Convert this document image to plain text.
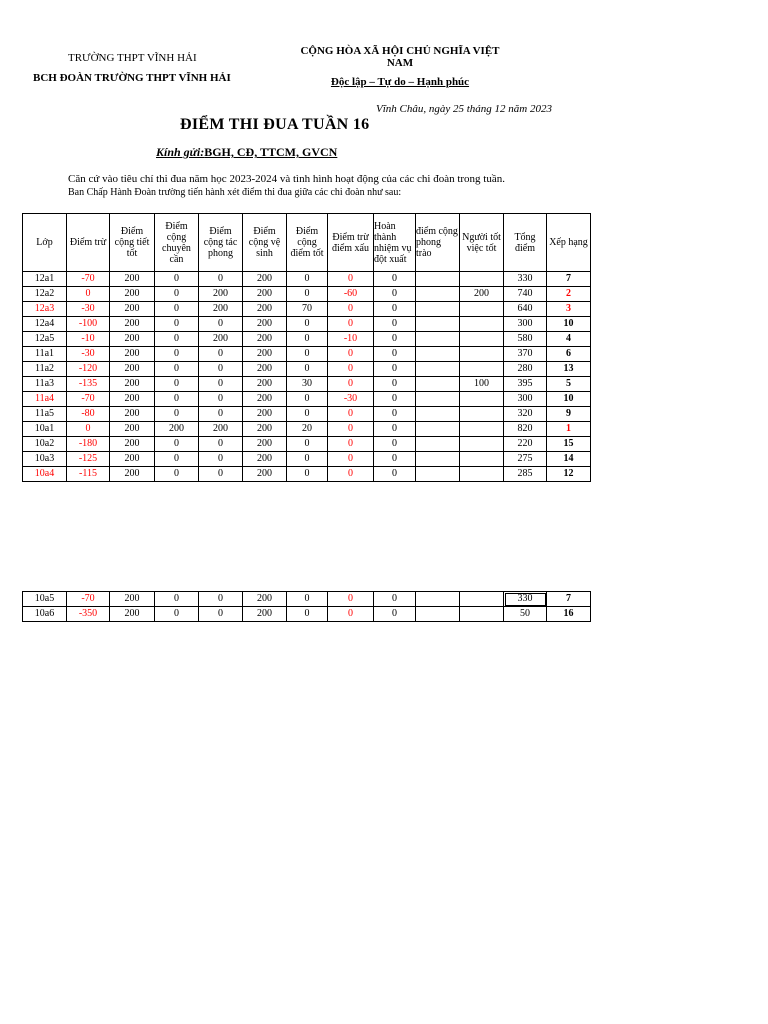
TRƯỜNG THPT VĨNH HẢI
BCH ĐOÀN TRƯỜNG THPT VĨNH HẢI
CỘNG HÒA XÃ HỘI CHỦ NGHĨA VIỆT
NAM
Độc lập – Tự do – Hạnh phúc
Vĩnh Châu, ngày 25 tháng 12 năm 2023
ĐIỂM THI ĐUA TUẦN 16
Kính gửi:BGH, CĐ, TTCM, GVCN
Căn cứ vào tiêu chí thi đua năm học 2023-2024 và tình hình hoạt động của các chi đoàn trong tuần.
Ban Chấp Hành Đoàn trường tiến hành xét điểm thi đua giữa các chi đoàn như sau:
Lớp	Điểm trừ	Điểm cộng tiết tốt	Điểm cộng chuyên cần	Điểm cộng tác phong	Điểm cộng vệ sinh	Điểm cộng điểm tốt	Điểm trừ điểm xấu	Hoàn thành nhiệm vụ đột xuất	điểm cộng phong trào	Người tốt việc tốt	Tổng điểm	Xếp hạng
12a1	-70	200	0	0	200	0	0	0			330	7
12a2	0	200	0	200	200	0	-60	0		200	740	2
12a3	-30	200	0	200	200	70	0	0			640	3
12a4	-100	200	0	0	200	0	0	0			300	10
12a5	-10	200	0	200	200	0	-10	0			580	4
11a1	-30	200	0	0	200	0	0	0			370	6
11a2	-120	200	0	0	200	0	0	0			280	13
11a3	-135	200	0	0	200	30	0	0		100	395	5
11a4	-70	200	0	0	200	0	-30	0			300	10
11a5	-80	200	0	0	200	0	0	0			320	9
10a1	0	200	200	200	200	20	0	0			820	1
10a2	-180	200	0	0	200	0	0	0			220	15
10a3	-125	200	0	0	200	0	0	0			275	14
10a4	-115	200	0	0	200	0	0	0			285	12
10a5	-70	200	0	0	200	0	0	0			330	7
10a6	-350	200	0	0	200	0	0	0			50	16
